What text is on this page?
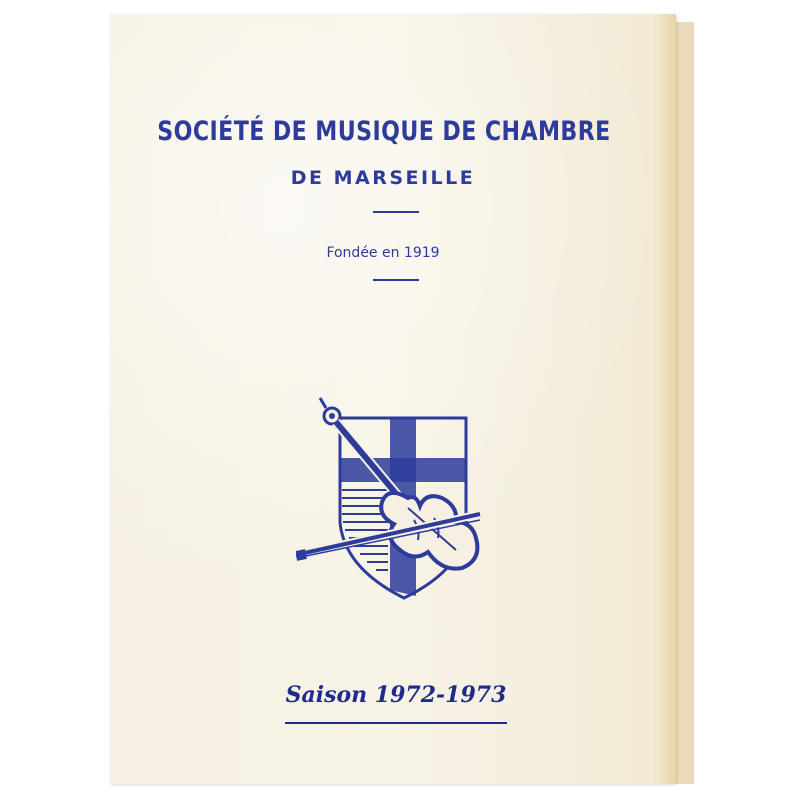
SOCIÉTÉ DE MUSIQUE DE CHAMBRE
DE MARSEILLE
Fondée en 1919
Saison 1972-1973
